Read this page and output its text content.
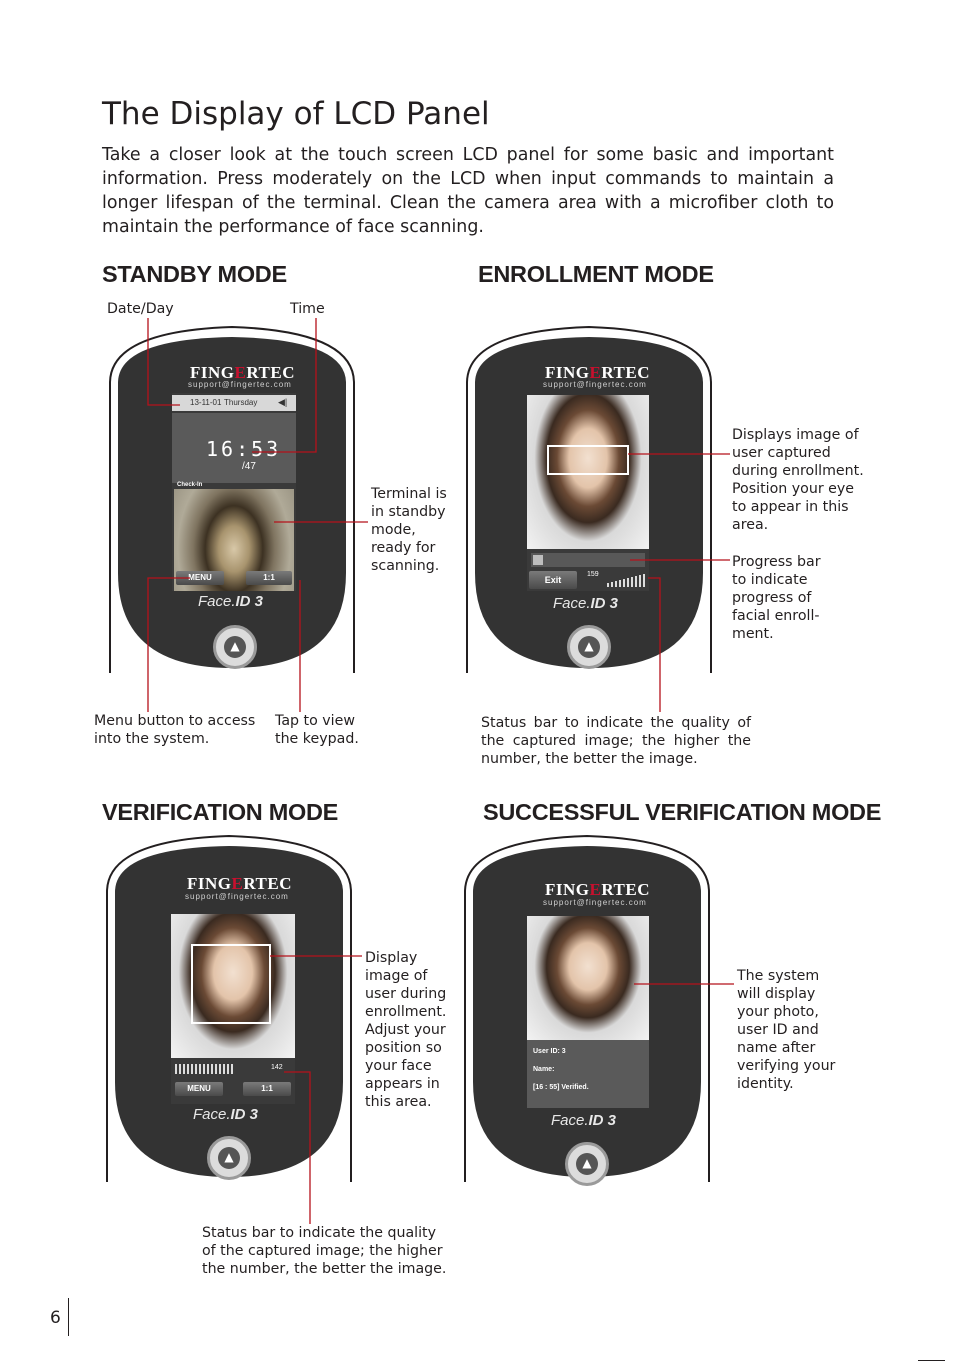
The Display of LCD Panel

Take a closer look at the touch screen LCD panel for some basic and important information. Press moderately on the LCD when input commands to maintain a longer lifespan of the terminal. Clean the camera area with a microfiber cloth to maintain the performance of face scanning.

STANDBY MODE

Date/Day	Time

FINGERTEC
support@fingertec.com
13-11-01 Thursday ◀|
16:53
/47
Check-In
MENU	1:1
Face.ID 3
▲

Terminal is in standby mode, ready for scanning.

Menu button to access into the system.

Tap to view the keypad.

ENROLLMENT MODE
FINGERTEC
support@fingertec.com
Exit
159
Face.ID 3
▲

Displays image of user captured during enrollment. Position your eye to appear in this area.

Progress bar to indicate progress of facial enroll-ment.

Status bar to indicate the quality of the captured image; the higher the number, the better the image.

VERIFICATION MODE
FINGERTEC
support@fingertec.com
142
MENU	1:1
Face.ID 3
▲

Display image of user during enrollment. Adjust your position so your face appears in this area.

Status bar to indicate the quality of the captured image; the higher the number, the better the image.

SUCCESSFUL VERIFICATION MODE
FINGERTEC
support@fingertec.com
User ID: 3
Name:
[16 : 55] Verified.
Face.ID 3
▲

The system will display your photo, user ID and name after verifying your identity.

6
